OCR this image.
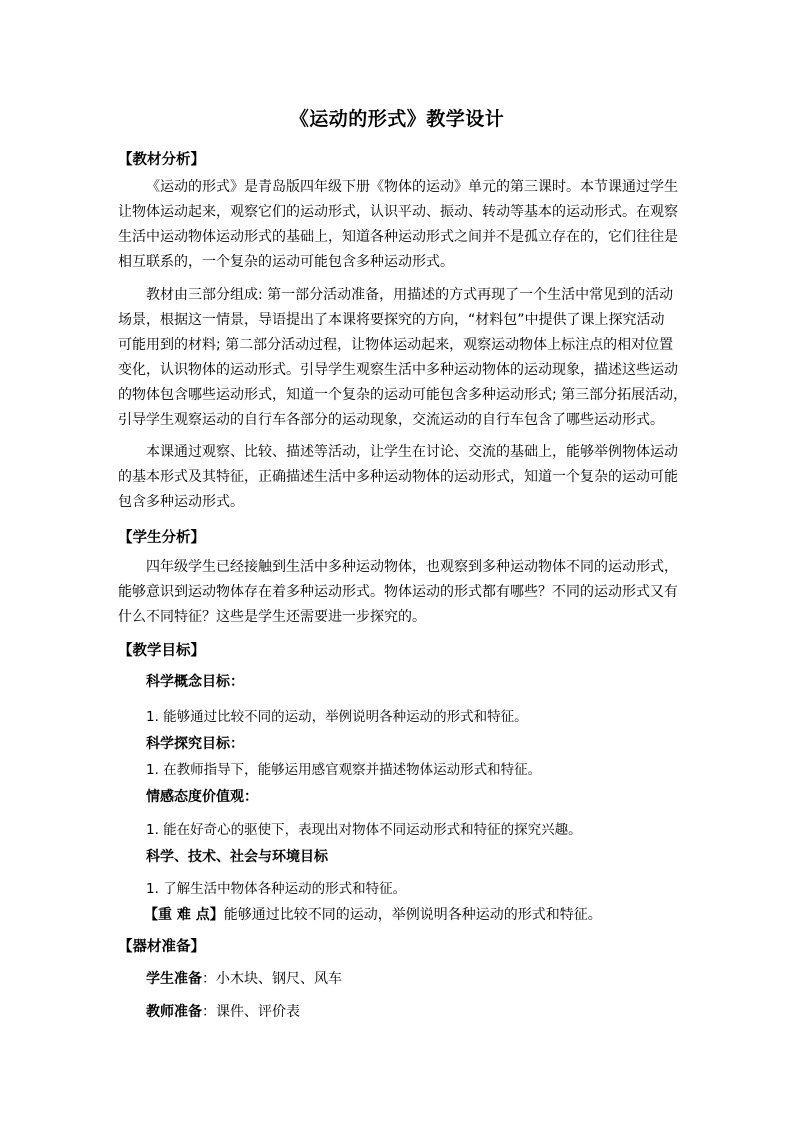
《运动的形式》教学设计
【教材分析】
《运动的形式》是青岛版四年级下册《物体的运动》单元的第三课时。本节课通过学生
让物体运动起来，观察它们的运动形式，认识平动、振动、转动等基本的运动形式。在观察
生活中运动物体运动形式的基础上，知道各种运动形式之间并不是孤立存在的，它们往往是
相互联系的，一个复杂的运动可能包含多种运动形式。
教材由三部分组成: 第一部分活动准备，用描述的方式再现了一个生活中常见到的活动
场景，根据这一情景，导语提出了本课将要探究的方向，“材料包”中提供了课上探究活动
可能用到的材料; 第二部分活动过程，让物体运动起来，观察运动物体上标注点的相对位置
变化，认识物体的运动形式。引导学生观察生活中多种运动物体的运动现象，描述这些运动
的物体包含哪些运动形式，知道一个复杂的运动可能包含多种运动形式; 第三部分拓展活动，
引导学生观察运动的自行车各部分的运动现象，交流运动的自行车包含了哪些运动形式。
本课通过观察、比较、描述等活动，让学生在讨论、交流的基础上，能够举例物体运动
的基本形式及其特征，正确描述生活中多种运动物体的运动形式，知道一个复杂的运动可能
包含多种运动形式。
【学生分析】
四年级学生已经接触到生活中多种运动物体，也观察到多种运动物体不同的运动形式，
能够意识到运动物体存在着多种运动形式。物体运动的形式都有哪些？不同的运动形式又有
什么不同特征？这些是学生还需要进一步探究的。
【教学目标】
科学概念目标：
1. 能够通过比较不同的运动，举例说明各种运动的形式和特征。
科学探究目标：
1. 在教师指导下，能够运用感官观察并描述物体运动形式和特征。
情感态度价值观：
1. 能在好奇心的驱使下，表现出对物体不同运动形式和特征的探究兴趣。
科学、技术、社会与环境目标
1. 了解生活中物体各种运动的形式和特征。
【重 难 点】能够通过比较不同的运动，举例说明各种运动的形式和特征。
【器材准备】
学生准备：小木块、钢尺、风车
教师准备：课件、评价表
